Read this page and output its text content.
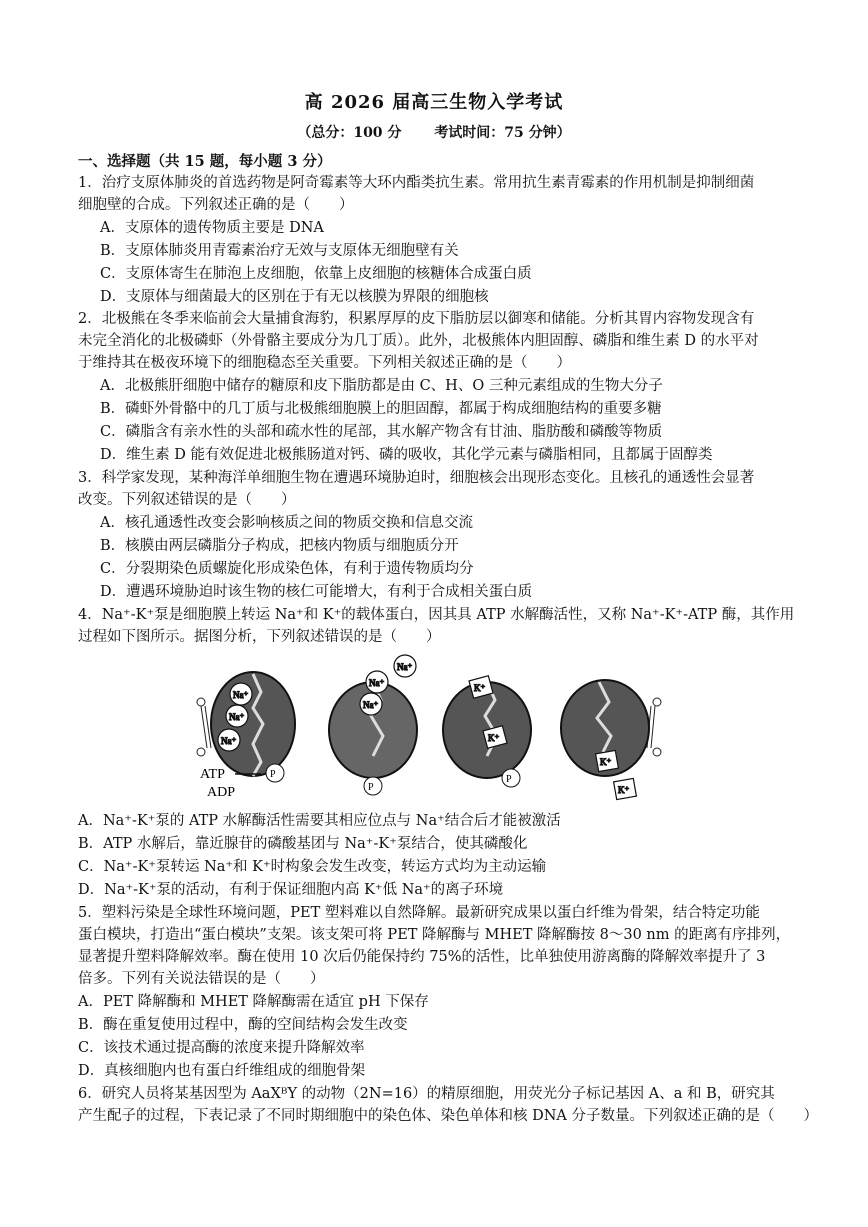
高 2026 届高三生物入学考试
（总分：100 分 考试时间：75 分钟）
一、选择题（共 15 题，每小题 3 分）
1．治疗支原体肺炎的首选药物是阿奇霉素等大环内酯类抗生素。常用抗生素青霉素的作用机制是抑制细菌
细胞壁的合成。下列叙述正确的是（　　）
A．支原体的遗传物质主要是 DNA
B．支原体肺炎用青霉素治疗无效与支原体无细胞壁有关
C．支原体寄生在肺泡上皮细胞，依靠上皮细胞的核糖体合成蛋白质
D．支原体与细菌最大的区别在于有无以核膜为界限的细胞核
2．北极熊在冬季来临前会大量捕食海豹，积累厚厚的皮下脂肪层以御寒和储能。分析其胃内容物发现含有
未完全消化的北极磷虾（外骨骼主要成分为几丁质）。此外，北极熊体内胆固醇、磷脂和维生素 D 的水平对
于维持其在极夜环境下的细胞稳态至关重要。下列相关叙述正确的是（　　）
A．北极熊肝细胞中储存的糖原和皮下脂肪都是由 C、H、O 三种元素组成的生物大分子
B．磷虾外骨骼中的几丁质与北极熊细胞膜上的胆固醇，都属于构成细胞结构的重要多糖
C．磷脂含有亲水性的头部和疏水性的尾部，其水解产物含有甘油、脂肪酸和磷酸等物质
D．维生素 D 能有效促进北极熊肠道对钙、磷的吸收，其化学元素与磷脂相同，且都属于固醇类
3．科学家发现，某种海洋单细胞生物在遭遇环境胁迫时，细胞核会出现形态变化。且核孔的通透性会显著
改变。下列叙述错误的是（　　）
A．核孔通透性改变会影响核质之间的物质交换和信息交流
B．核膜由两层磷脂分子构成，把核内物质与细胞质分开
C．分裂期染色质螺旋化形成染色体，有利于遗传物质均分
D．遭遇环境胁迫时该生物的核仁可能增大，有利于合成相关蛋白质
4．Na⁺-K⁺泵是细胞膜上转运 Na⁺和 K⁺的载体蛋白，因其具 ATP 水解酶活性，又称 Na⁺-K⁺-ATP 酶，其作用
过程如下图所示。据图分析，下列叙述错误的是（　　）
Na⁺
Na⁺
Na⁺
ATP
ADP
P
Na⁺
Na⁺
Na⁺
P
K⁺
K⁺
P
K⁺
K⁺
A．Na⁺-K⁺泵的 ATP 水解酶活性需要其相应位点与 Na⁺结合后才能被激活
B．ATP 水解后，靠近腺苷的磷酸基团与 Na⁺-K⁺泵结合，使其磷酸化
C．Na⁺-K⁺泵转运 Na⁺和 K⁺时构象会发生改变，转运方式均为主动运输
D．Na⁺-K⁺泵的活动，有利于保证细胞内高 K⁺低 Na⁺的离子环境
5．塑料污染是全球性环境问题，PET 塑料难以自然降解。最新研究成果以蛋白纤维为骨架，结合特定功能
蛋白模块，打造出“蛋白模块”支架。该支架可将 PET 降解酶与 MHET 降解酶按 8～30 nm 的距离有序排列，
显著提升塑料降解效率。酶在使用 10 次后仍能保持约 75%的活性，比单独使用游离酶的降解效率提升了 3
倍多。下列有关说法错误的是（　　）
A．PET 降解酶和 MHET 降解酶需在适宜 pH 下保存
B．酶在重复使用过程中，酶的空间结构会发生改变
C．该技术通过提高酶的浓度来提升降解效率
D．真核细胞内也有蛋白纤维组成的细胞骨架
6．研究人员将某基因型为 AaXᴮY 的动物（2N=16）的精原细胞，用荧光分子标记基因 A、a 和 B，研究其
产生配子的过程，下表记录了不同时期细胞中的染色体、染色单体和核 DNA 分子数量。下列叙述正确的是（　　）
